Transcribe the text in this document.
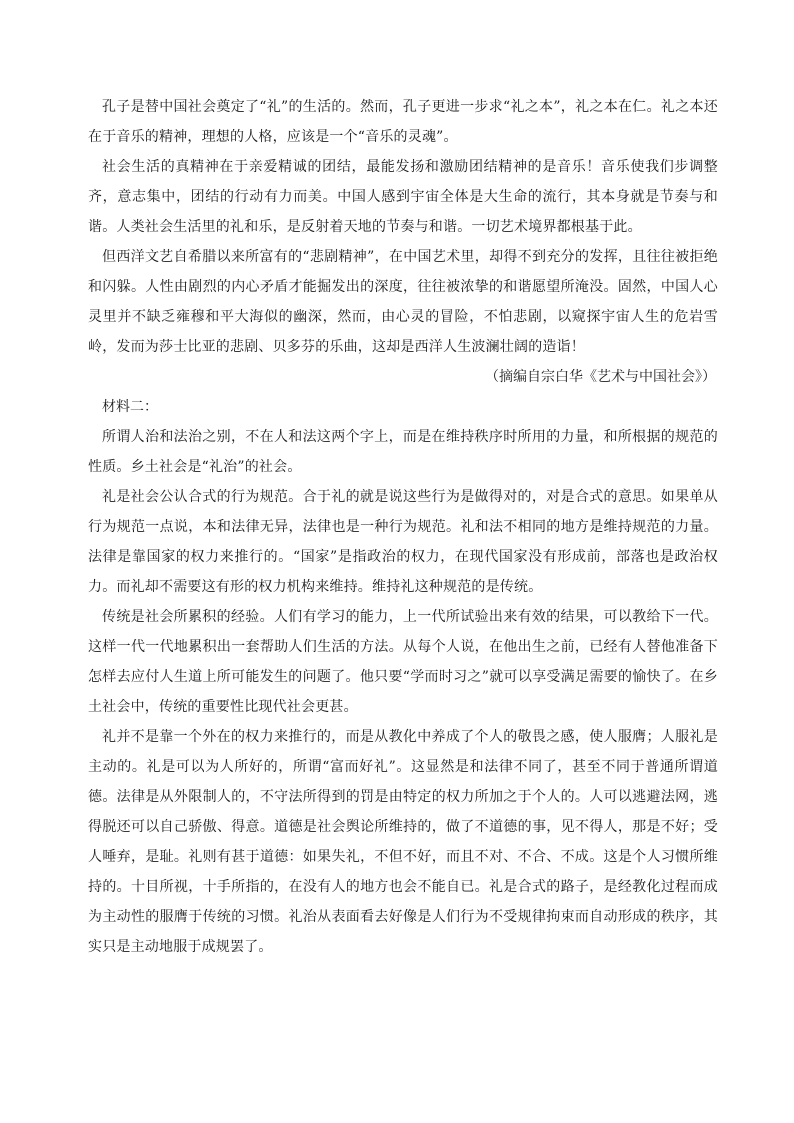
孔子是替中国社会奠定了“礼”的生活的。然而，孔子更进一步求“礼之本”，礼之本在仁。礼之本还在于音乐的精神，理想的人格，应该是一个“音乐的灵魂”。

社会生活的真精神在于亲爱精诚的团结，最能发扬和激励团结精神的是音乐！音乐使我们步调整齐，意志集中，团结的行动有力而美。中国人感到宇宙全体是大生命的流行，其本身就是节奏与和谐。人类社会生活里的礼和乐，是反射着天地的节奏与和谐。一切艺术境界都根基于此。

但西洋文艺自希腊以来所富有的“悲剧精神”，在中国艺术里，却得不到充分的发挥，且往往被拒绝和闪躲。人性由剧烈的内心矛盾才能掘发出的深度，往往被浓挚的和谐愿望所淹没。固然，中国人心灵里并不缺乏雍穆和平大海似的幽深，然而，由心灵的冒险，不怕悲剧，以窥探宇宙人生的危岩雪岭，发而为莎士比亚的悲剧、贝多芬的乐曲，这却是西洋人生波澜壮阔的造诣！

（摘编自宗白华《艺术与中国社会》）

材料二：

所谓人治和法治之别，不在人和法这两个字上，而是在维持秩序时所用的力量，和所根据的规范的性质。乡土社会是“礼治”的社会。

礼是社会公认合式的行为规范。合于礼的就是说这些行为是做得对的，对是合式的意思。如果单从行为规范一点说，本和法律无异，法律也是一种行为规范。礼和法不相同的地方是维持规范的力量。法律是靠国家的权力来推行的。“国家”是指政治的权力，在现代国家没有形成前，部落也是政治权力。而礼却不需要这有形的权力机构来维持。维持礼这种规范的是传统。

传统是社会所累积的经验。人们有学习的能力，上一代所试验出来有效的结果，可以教给下一代。这样一代一代地累积出一套帮助人们生活的方法。从每个人说，在他出生之前，已经有人替他准备下怎样去应付人生道上所可能发生的问题了。他只要“学而时习之”就可以享受满足需要的愉快了。在乡土社会中，传统的重要性比现代社会更甚。

礼并不是靠一个外在的权力来推行的，而是从教化中养成了个人的敬畏之感，使人服膺；人服礼是主动的。礼是可以为人所好的，所谓“富而好礼”。这显然是和法律不同了，甚至不同于普通所谓道德。法律是从外限制人的，不守法所得到的罚是由特定的权力所加之于个人的。人可以逃避法网，逃得脱还可以自己骄傲、得意。道德是社会舆论所维持的，做了不道德的事，见不得人，那是不好；受人唾弃，是耻。礼则有甚于道德：如果失礼，不但不好，而且不对、不合、不成。这是个人习惯所维持的。十目所视，十手所指的，在没有人的地方也会不能自已。礼是合式的路子，是经教化过程而成为主动性的服膺于传统的习惯。礼治从表面看去好像是人们行为不受规律拘束而自动形成的秩序，其实只是主动地服于成规罢了。
